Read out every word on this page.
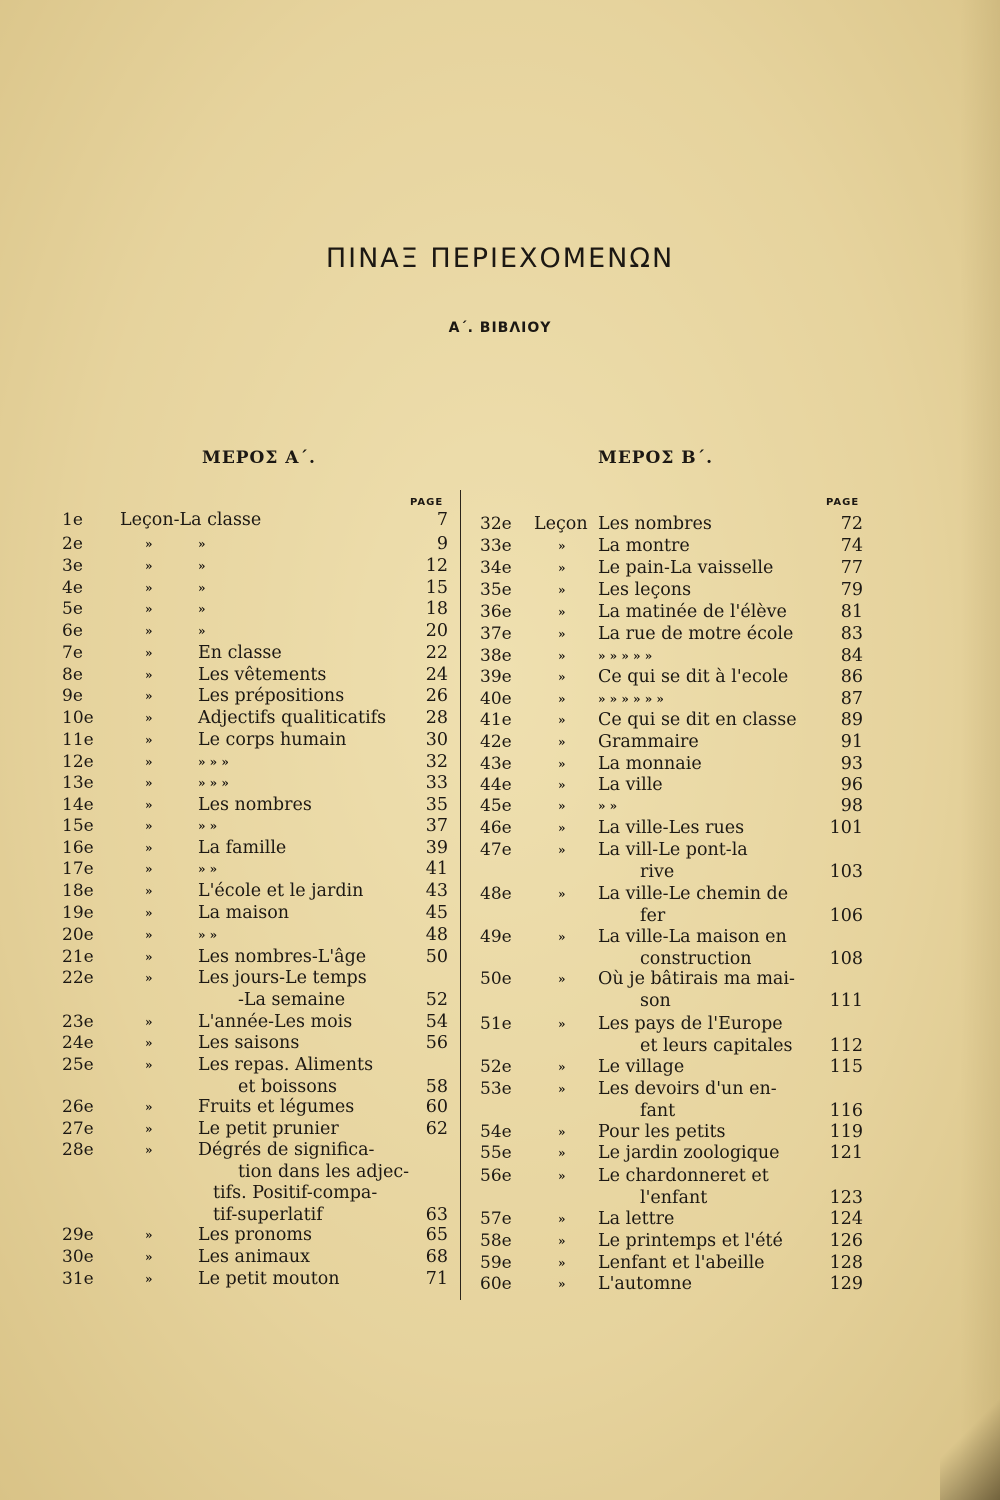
ΠΙΝΑΞ ΠΕΡΙΕΧΟΜΕΝΩΝ
Α΄. ΒΙΒΛΙΟΥ
ΜΕΡΟΣ Α΄.	ΜΕΡΟΣ Β΄.
PAGE	PAGE
1e Leçon-La classe	7
2e	»	»	9
3e	»	»	12
4e	»	»	15
5e	»	»	18
6e	»	»	20
7e	»	En classe	22
8e	»	Les vêtements	24
9e	»	Les prépositions	26
10e	»	Adjectifs qualiticatifs 28
11e	»	Le corps humain	30
12e	»	» » »	32
13e	»	» » »	33
14e	»	Les nombres	35
15e	»	» »	37
16e	»	La famille	39
17e	»	» »	41
18e	»	L'école et le jardin	43
19e	»	La maison	45
20e	»	» »	48
21e	»	Les nombres-L'âge	50
22e	»	Les jours-Le temps
-La semaine	52
23e	»	L'année-Les mois	54
24e	»	Les saisons	56
25e	»	Les repas. Aliments
et boissons	58
26e	»	Fruits et légumes	60
27e	»	Le petit prunier	62
28e	»	Dégrés de significa-
tion dans les adjec-
tifs. Positif-compa-
tif-superlatif	63
29e	»	Les pronoms	65
30e	»	Les animaux	68
31e	»	Le petit mouton	71
32e Leçon Les nombres	72
33e	» La montre	74
34e	» Le pain-La vaisselle	77
35e	» Les leçons	79
36e	» La matinée de l'élève	81
37e	» La rue de motre école	83
38e	»	» » » » »	84
39e	» Ce qui se dit à l'ecole	86
40e	»	» » » » » »	87
41e	» Ce qui se dit en classe	89
42e	» Grammaire	91
43e	» La monnaie	93
44e	» La ville	96
45e	»	» »	98
46e	» La ville-Les rues	101
47e	» La vill-Le pont-la
rive	103
48e	» La ville-Le chemin de
fer	106
49e	» La ville-La maison en
construction	108
50e	» Où je bâtirais ma mai-
son	111
51e	» Les pays de l'Europe
et leurs capitales 112
52e	» Le village	115
53e	» Les devoirs d'un en-
fant	116
54e	» Pour les petits	119
55e	» Le jardin zoologique	121
56e	» Le chardonneret et
l'enfant	123
57e	» La lettre	124
58e	» Le printemps et l'été	126
59e	» Lenfant et l'abeille	128
60e	» L'automne	129
